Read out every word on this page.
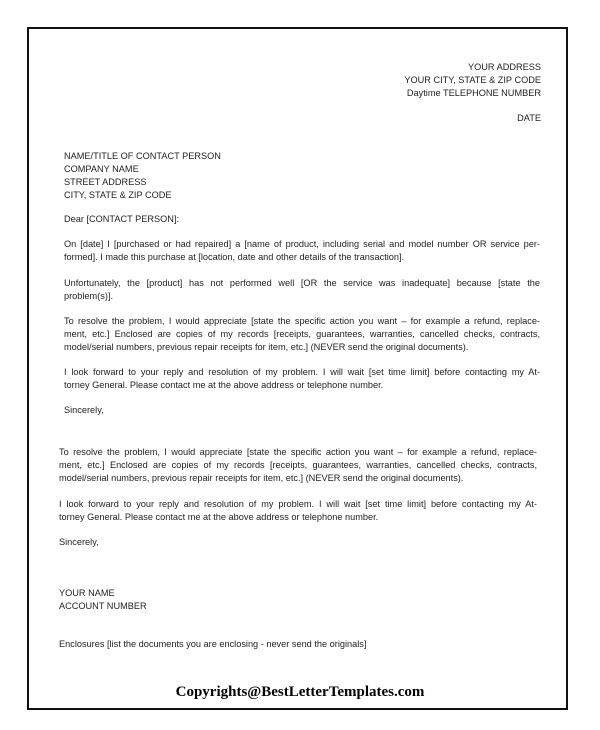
YOUR ADDRESS
YOUR CITY, STATE & ZIP CODE
Daytime TELEPHONE NUMBER
DATE
NAME/TITLE OF CONTACT PERSON
COMPANY NAME
STREET ADDRESS
CITY, STATE & ZIP CODE
Dear [CONTACT PERSON]:
On [date] I [purchased or had repaired] a [name of product, including serial and model number OR service per-
formed]. I made this purchase at [location, date and other details of the transaction].
Unfortunately, the [product] has not performed well [OR the service was inadequate] because [state the
problem(s)].
To resolve the problem, I would appreciate [state the specific action you want – for example a refund, replace-
ment, etc.] Enclosed are copies of my records [receipts, guarantees, warranties, cancelled checks, contracts,
model/serial numbers, previous repair receipts for item, etc.] (NEVER send the original documents).
I look forward to your reply and resolution of my problem. I will wait [set time limit] before contacting my At-
torney General. Please contact me at the above address or telephone number.
Sincerely,
To resolve the problem, I would appreciate [state the specific action you want – for example a refund, replace-
ment, etc.] Enclosed are copies of my records [receipts, guarantees, warranties, cancelled checks, contracts,
model/serial numbers, previous repair receipts for item, etc.] (NEVER send the original documents).
I look forward to your reply and resolution of my problem. I will wait [set time limit] before contacting my At-
torney General. Please contact me at the above address or telephone number.
Sincerely,
YOUR NAME
ACCOUNT NUMBER
Enclosures [list the documents you are enclosing - never send the originals]
Copyrights@BestLetterTemplates.com
